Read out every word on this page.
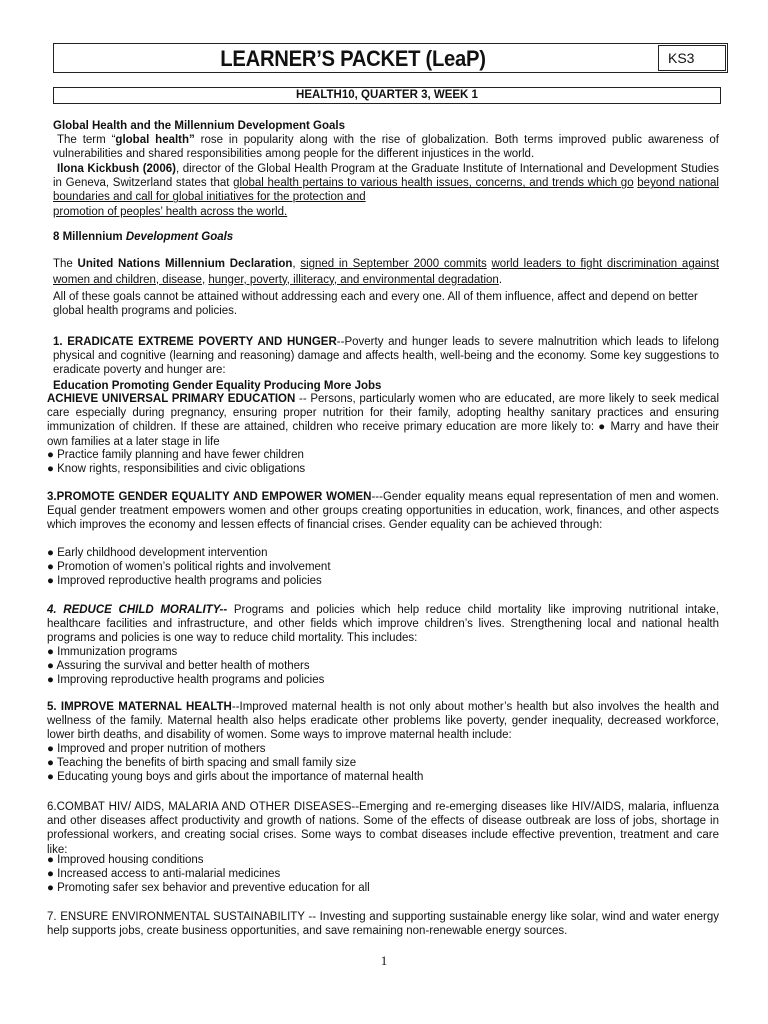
LEARNER’S PACKET (LeaP)	KS3
HEALTH10, QUARTER 3, WEEK 1
Global Health and the Millennium Development Goals
The term “global health” rose in popularity along with the rise of globalization. Both terms improved public awareness of vulnerabilities and shared responsibilities among people for the different injustices in the world.
Ilona Kickbush (2006), director of the Global Health Program at the Graduate Institute of International and Development Studies in Geneva, Switzerland states that global health pertains to various health issues, concerns, and trends which go beyond national boundaries and call for global initiatives for the protection and
promotion of peoples’ health across the world.
8 Millennium Development Goals
The United Nations Millennium Declaration, signed in September 2000 commits world leaders to fight discrimination against women and children, disease, hunger, poverty, illiteracy, and environmental degradation.
All of these goals cannot be attained without addressing each and every one. All of them influence, affect and depend on better global health programs and policies.
1. ERADICATE EXTREME POVERTY AND HUNGER--Poverty and hunger leads to severe malnutrition which leads to lifelong physical and cognitive (learning and reasoning) damage and affects health, well-being and the economy. Some key suggestions to eradicate poverty and hunger are:
Education Promoting Gender Equality Producing More Jobs
ACHIEVE UNIVERSAL PRIMARY EDUCATION -- Persons, particularly women who are educated, are more likely to seek medical care especially during pregnancy, ensuring proper nutrition for their family, adopting healthy sanitary practices and ensuring immunization of children. If these are attained, children who receive primary education are more likely to: ● Marry and have their own families at a later stage in life

● Practice family planning and have fewer children

● Know rights, responsibilities and civic obligations

3.PROMOTE GENDER EQUALITY AND EMPOWER WOMEN---Gender equality means equal representation of men and women. Equal gender treatment empowers women and other groups creating opportunities in education, work, finances, and other aspects which improves the economy and lessen effects of financial crises. Gender equality can be achieved through:

● Early childhood development intervention

● Promotion of women’s political rights and involvement

● Improved reproductive health programs and policies

4. REDUCE CHILD MORALITY-- Programs and policies which help reduce child mortality like improving nutritional intake, healthcare facilities and infrastructure, and other fields which improve children’s lives. Strengthening local and national health programs and policies is one way to reduce child mortality. This includes:

● Immunization programs

● Assuring the survival and better health of mothers

● Improving reproductive health programs and policies

5. IMPROVE MATERNAL HEALTH--Improved maternal health is not only about mother’s health but also involves the health and wellness of the family. Maternal health also helps eradicate other problems like poverty, gender inequality, decreased workforce, lower birth deaths, and disability of women. Some ways to improve maternal health include:

● Improved and proper nutrition of mothers

● Teaching the benefits of birth spacing and small family size

● Educating young boys and girls about the importance of maternal health

6.COMBAT HIV/ AIDS, MALARIA AND OTHER DISEASES--Emerging and re-emerging diseases like HIV/AIDS, malaria, influenza and other diseases affect productivity and growth of nations. Some of the effects of disease outbreak are loss of jobs, shortage in professional workers, and creating social crises. Some ways to combat diseases include effective prevention, treatment and care like:

● Improved housing conditions

● Increased access to anti-malarial medicines

● Promoting safer sex behavior and preventive education for all

7. ENSURE ENVIRONMENTAL SUSTAINABILITY -- Investing and supporting sustainable energy like solar, wind and water energy help supports jobs, create business opportunities, and save remaining non-renewable energy sources.
1
